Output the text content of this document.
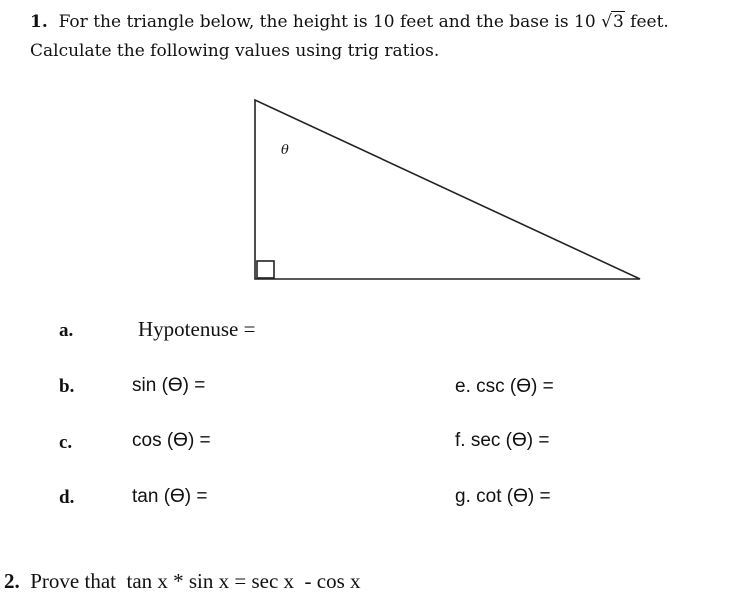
1. For the triangle below, the height is 10 feet and the base is 10 √3 feet.
Calculate the following values using trig ratios.
θ
a.	Hypotenuse =
b.	sin (ϴ) =
c.	cos (ϴ) =
d.	tan (ϴ) =
e. csc (ϴ) =
f. sec (ϴ) =
g. cot (ϴ) =
2. Prove that  tan x * sin x = sec x  - cos x
